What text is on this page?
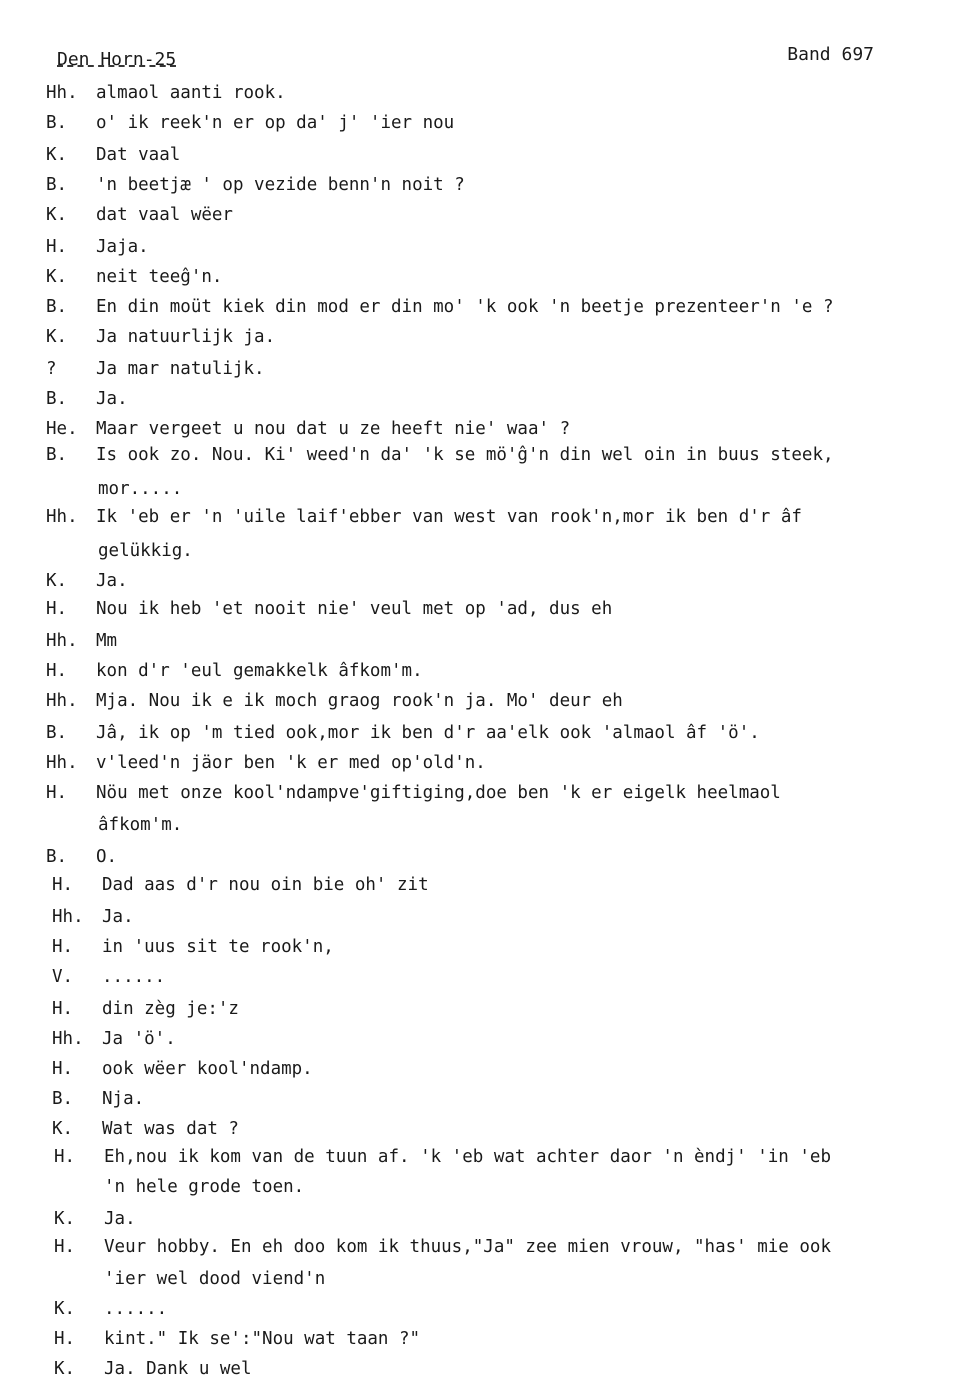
Den Horn-25	Band 697
Hh. almaol aanti rook.
B. o' ik reek'n er op da' j' 'ier nou
K. Dat vaal
B. 'n beetjæ ' op vezide benn'n noit ?
K. dat vaal wëer
H. Jaja.
K. neit teeĝ'n.
B. En din moüt kiek din mod er din mo' 'k ook 'n beetje prezenteer'n 'e ?
K. Ja natuurlijk ja.
? Ja mar natulijk.
B. Ja.
He. Maar vergeet u nou dat u ze heeft nie' waa' ?
B. Is ook zo. Nou. Ki' weed'n da' 'k se mö'ĝ'n din wel oin in buus steek,
mor.....
Hh. Ik 'eb er 'n 'uile laif'ebber van west van rook'n,mor ik ben d'r âf
gelükkig.
K. Ja.
H. Nou ik heb 'et nooit nie' veul met op 'ad, dus eh
Hh. Mm
H. kon d'r 'eul gemakkelk âfkom'm.
Hh. Mja. Nou ik e ik moch graog rook'n ja. Mo' deur eh
B. Jâ, ik op 'm tied ook,mor ik ben d'r aa'elk ook 'almaol âf 'ö'.
Hh. v'leed'n jäor ben 'k er med op'old'n.
H. Nöu met onze kool'ndampve'giftiging,doe ben 'k er eigelk heelmaol
âfkom'm.
B. O.
H. Dad aas d'r nou oin bie oh' zit
Hh. Ja.
H. in 'uus sit te rook'n,
V. ......
H. din zèg je:'z
Hh. Ja 'ö'.
H. ook wëer kool'ndamp.
B. Nja.
K. Wat was dat ?
H. Eh,nou ik kom van de tuun af. 'k 'eb wat achter daor 'n èndj' 'in 'eb
'n hele grode toen.
K. Ja.
H. Veur hobby. En eh doo kom ik thuus,"Ja" zee mien vrouw, "has' mie ook
'ier wel dood viend'n
K. ......
H. kint." Ik se':"Nou wat taan ?"
K. Ja. Dank u wel
